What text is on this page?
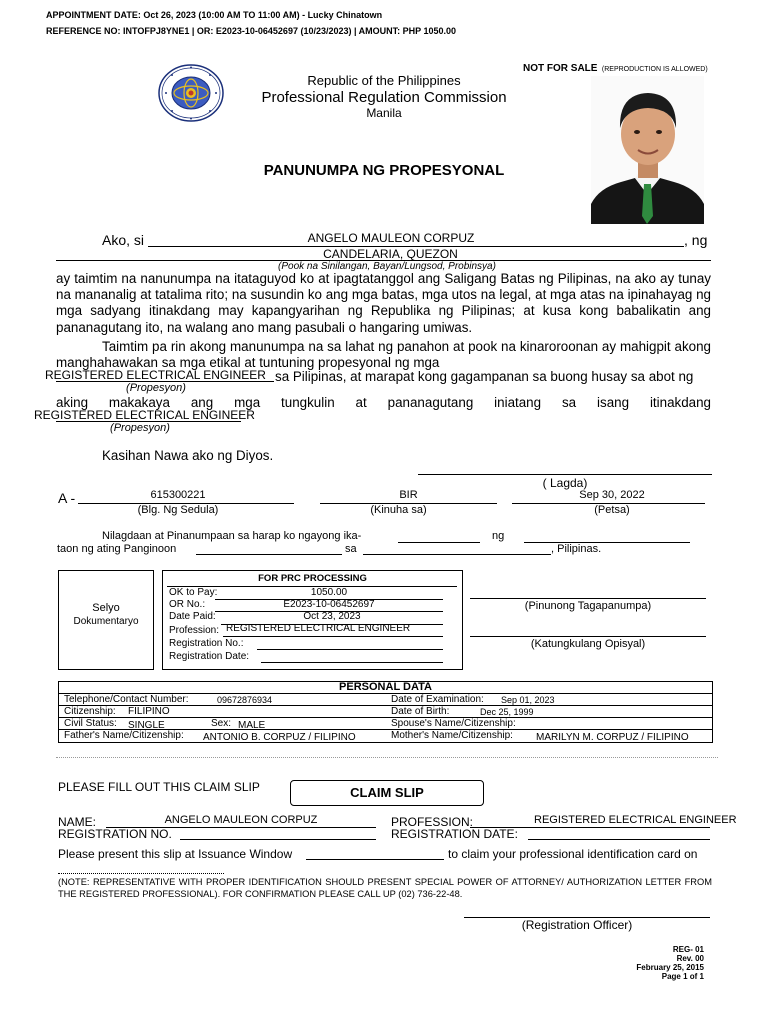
APPOINTMENT DATE: Oct 26, 2023 (10:00 AM TO 11:00 AM) - Lucky Chinatown
REFERENCE NO: INTOFPJ8YNE1 | OR: E2023-10-06452697 (10/23/2023) | AMOUNT: PHP 1050.00
NOT FOR SALE (REPRODUCTION IS ALLOWED)
Republic of the Philippines
Professional Regulation Commission
Manila
PANUNUMPA NG PROPESYONAL
Ako, si	ANGELO MAULEON CORPUZ	, ng
CANDELARIA, QUEZON
(Pook na Sinilangan, Bayan/Lungsod, Probinsya)
ay taimtim na nanunumpa na itataguyod ko at ipagtatanggol ang Saligang Batas ng Pilipinas, na ako ay tunay na mananalig at tatalima rito; na susundin ko ang mga batas, mga utos na legal, at mga atas na ipinahayag ng mga sadyang itinakdang may kapangyarihan ng Republika ng Pilipinas; at kusa kong babalikatin ang pananagutang ito, na walang ano mang pasubali o hangaring umiwas.
Taimtim pa rin akong manunumpa na sa lahat ng panahon at pook na kinaroroonan ay mahigpit akong manghahawakan sa mga etikal at tuntuning propesyonal ng mga
REGISTERED ELECTRICAL ENGINEER sa Pilipinas, at marapat kong gagampanan sa buong husay sa abot ng
(Propesyon)
aking makakaya ang mga tungkulin at pananagutang iniatang sa isang itinakdang
REGISTERED ELECTRICAL ENGINEER
(Propesyon)
Kasihan Nawa ako ng Diyos.
( Lagda)
A -	615300221
(Blg. Ng Sedula)
BIR
(Kinuha sa)
Sep 30, 2022
(Petsa)
Nilagdaan at Pinanumpaan sa harap ko ngayong ika-	ng
taon ng ating Panginoon	sa	, Pilipinas.
Selyo
Dokumentaryo
FOR PRC PROCESSING
OK to Pay:	1050.00
OR No.:	E2023-10-06452697
Date Paid:	Oct 23, 2023
Profession: REGISTERED ELECTRICAL ENGINEER
Registration No.:
Registration Date:
(Pinunong Tagapanumpa)
(Katungkulang Opisyal)
PERSONAL DATA
Telephone/Contact Number:	09672876934	Date of Examination: Sep 01, 2023
Citizenship: FILIPINO	Date of Birth:	Dec 25, 1999
Civil Status: SINGLE	Sex: MALE	Spouse's Name/Citizenship:
Father's Name/Citizenship: ANTONIO B. CORPUZ / FILIPINO	Mother's Name/Citizenship: MARILYN M. CORPUZ / FILIPINO
PLEASE FILL OUT THIS CLAIM SLIP	CLAIM SLIP
NAME:	ANGELO MAULEON CORPUZ	PROFESSION:	REGISTERED ELECTRICAL ENGINEER
REGISTRATION NO.	REGISTRATION DATE:
Please present this slip at Issuance Window	to claim your professional identification card on
(NOTE: REPRESENTATIVE WITH PROPER IDENTIFICATION SHOULD PRESENT SPECIAL POWER OF ATTORNEY/ AUTHORIZATION LETTER FROM THE REGISTERED PROFESSIONAL). FOR CONFIRMATION PLEASE CALL UP (02) 736-22-48.
(Registration Officer)
REG- 01
Rev. 00
February 25, 2015
Page 1 of 1
